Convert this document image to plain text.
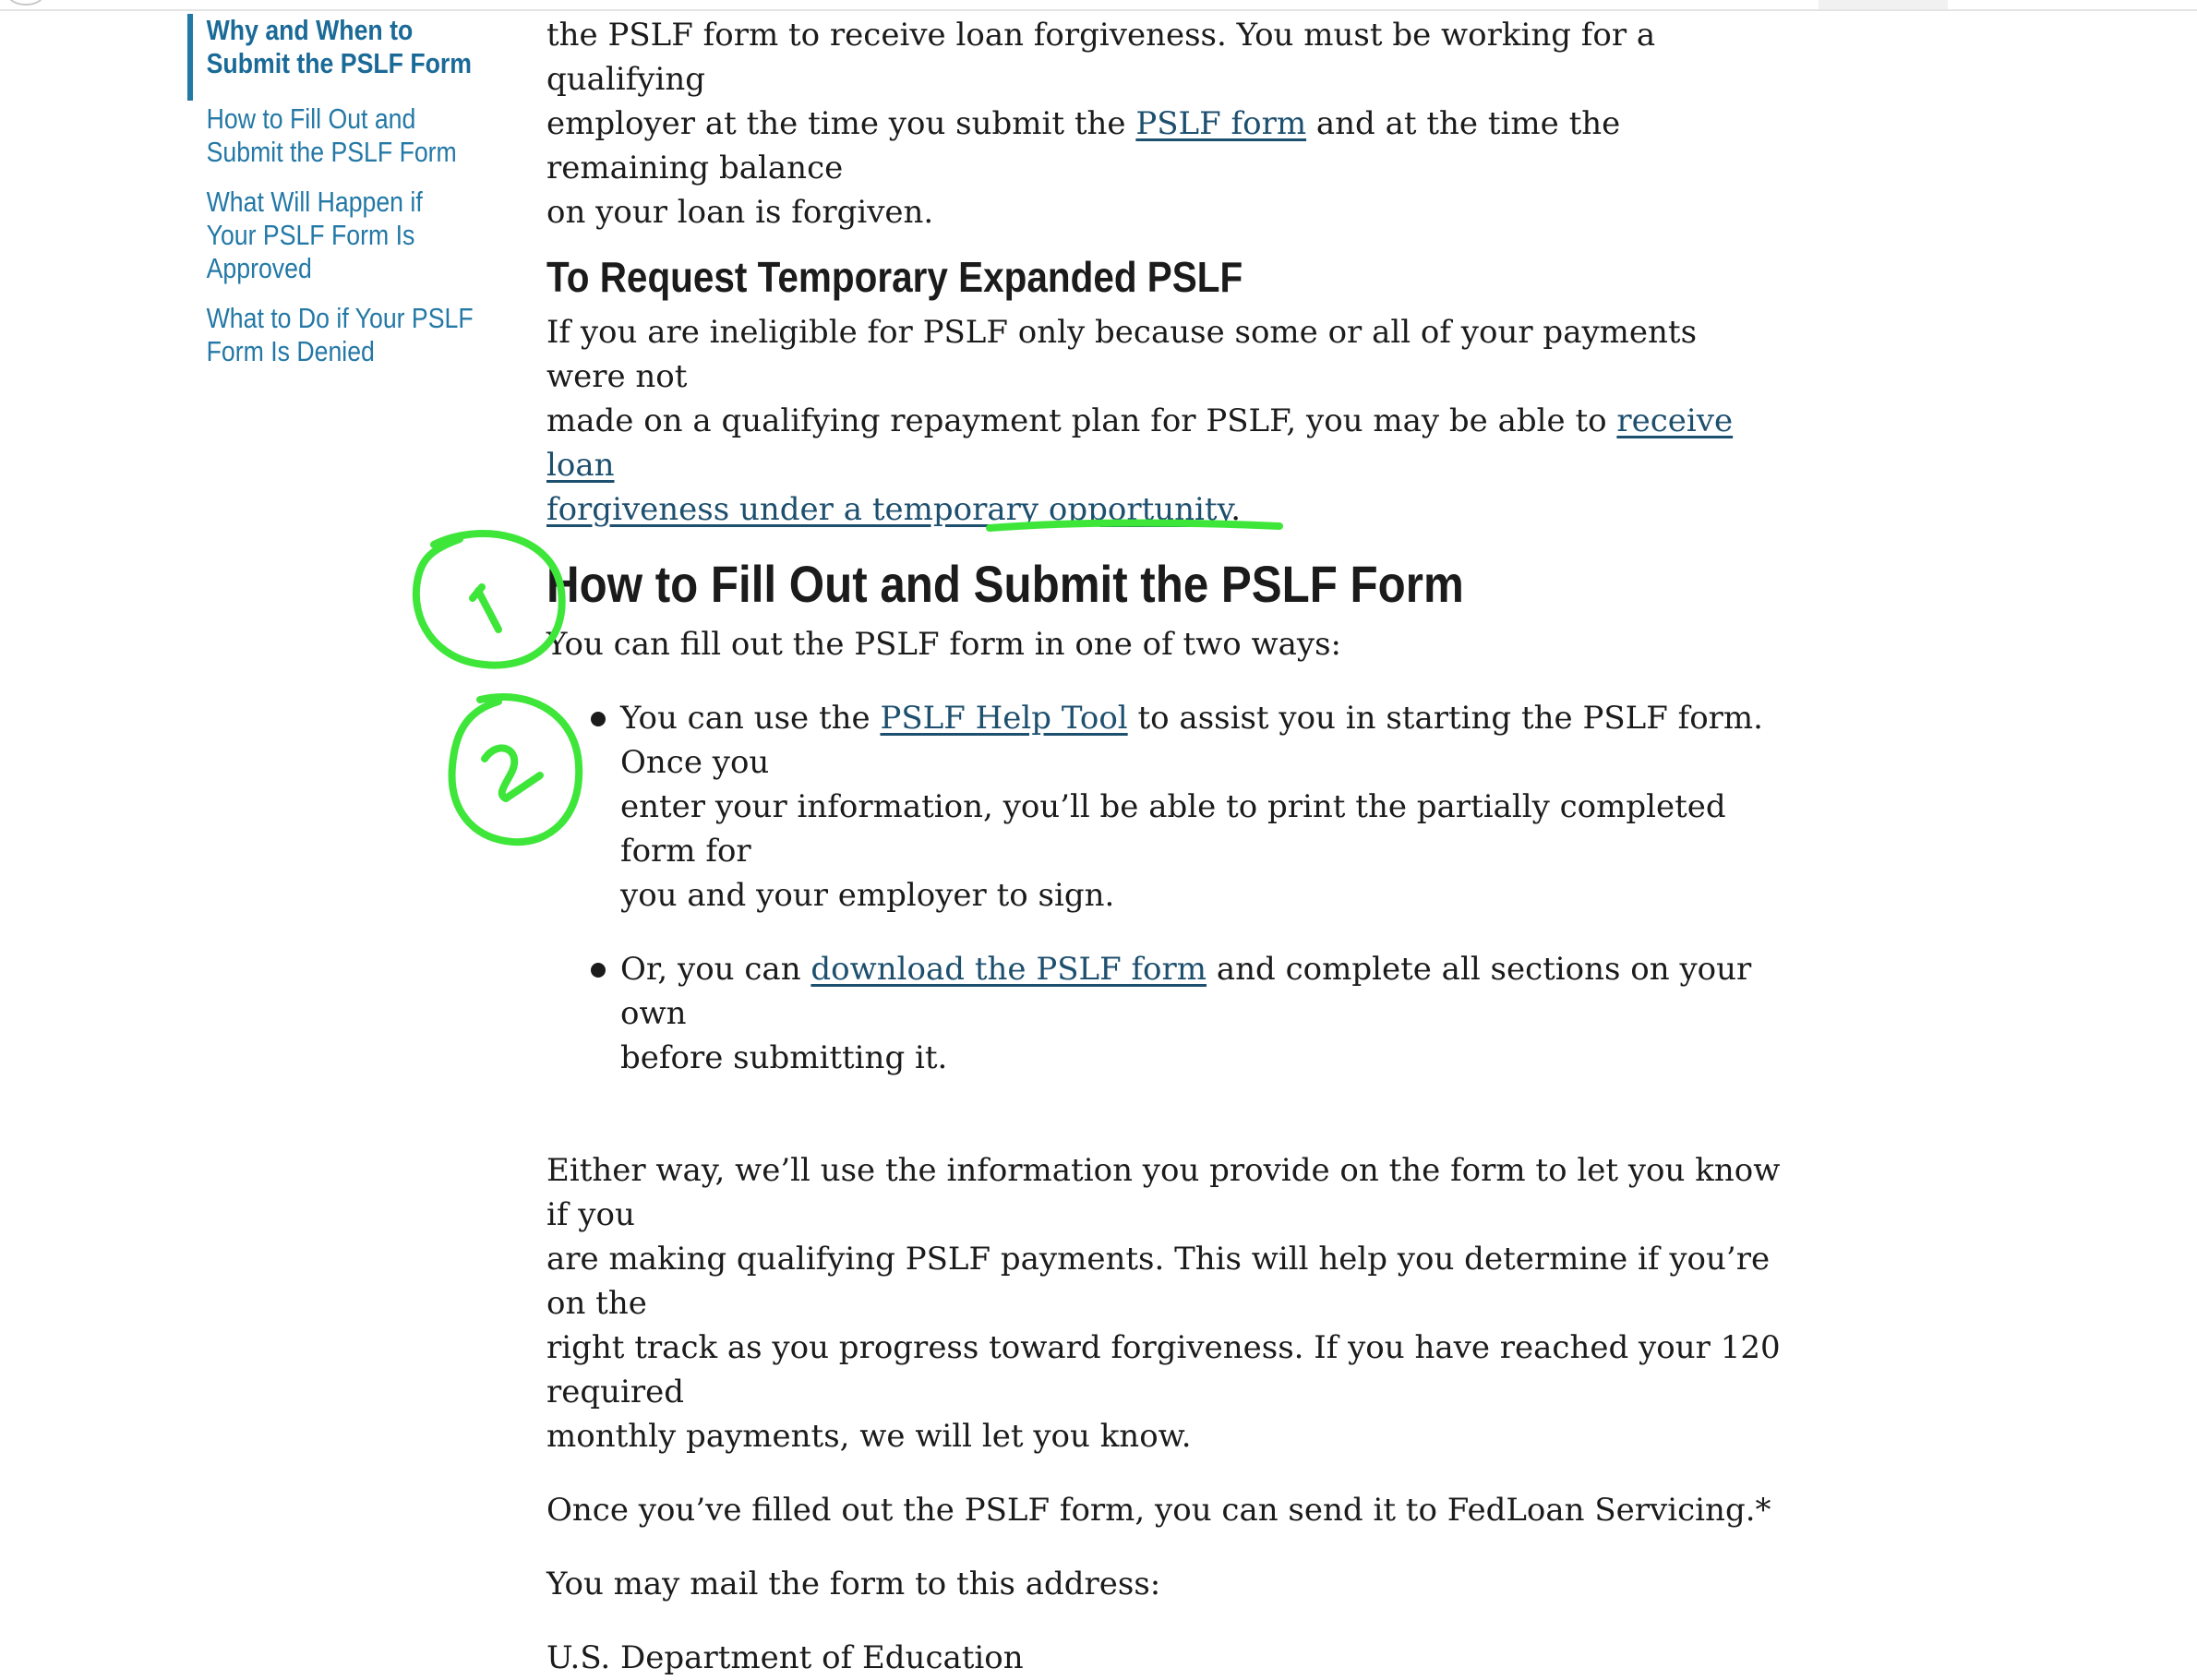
Why and When to
Submit the PSLF Form
How to Fill Out and
Submit the PSLF Form
What Will Happen if
Your PSLF Form Is
Approved
What to Do if Your PSLF
Form Is Denied

the PSLF form to receive loan forgiveness. You must be working for a qualifying
employer at the time you submit the PSLF form and at the time the remaining balance
on your loan is forgiven.

To Request Temporary Expanded PSLF

If you are ineligible for PSLF only because some or all of your payments were not
made on a qualifying repayment plan for PSLF, you may be able to receive loan
forgiveness under a temporary opportunity.

How to Fill Out and Submit the PSLF Form

You can fill out the PSLF form in one of two ways:

You can use the PSLF Help Tool to assist you in starting the PSLF form. Once you
enter your information, you’ll be able to print the partially completed form for
you and your employer to sign.
Or, you can download the PSLF form and complete all sections on your own
before submitting it.

Either way, we’ll use the information you provide on the form to let you know if you
are making qualifying PSLF payments. This will help you determine if you’re on the
right track as you progress toward forgiveness. If you have reached your 120 required
monthly payments, we will let you know.

Once you’ve filled out the PSLF form, you can send it to FedLoan Servicing.*

You may mail the form to this address:

U.S. Department of Education
